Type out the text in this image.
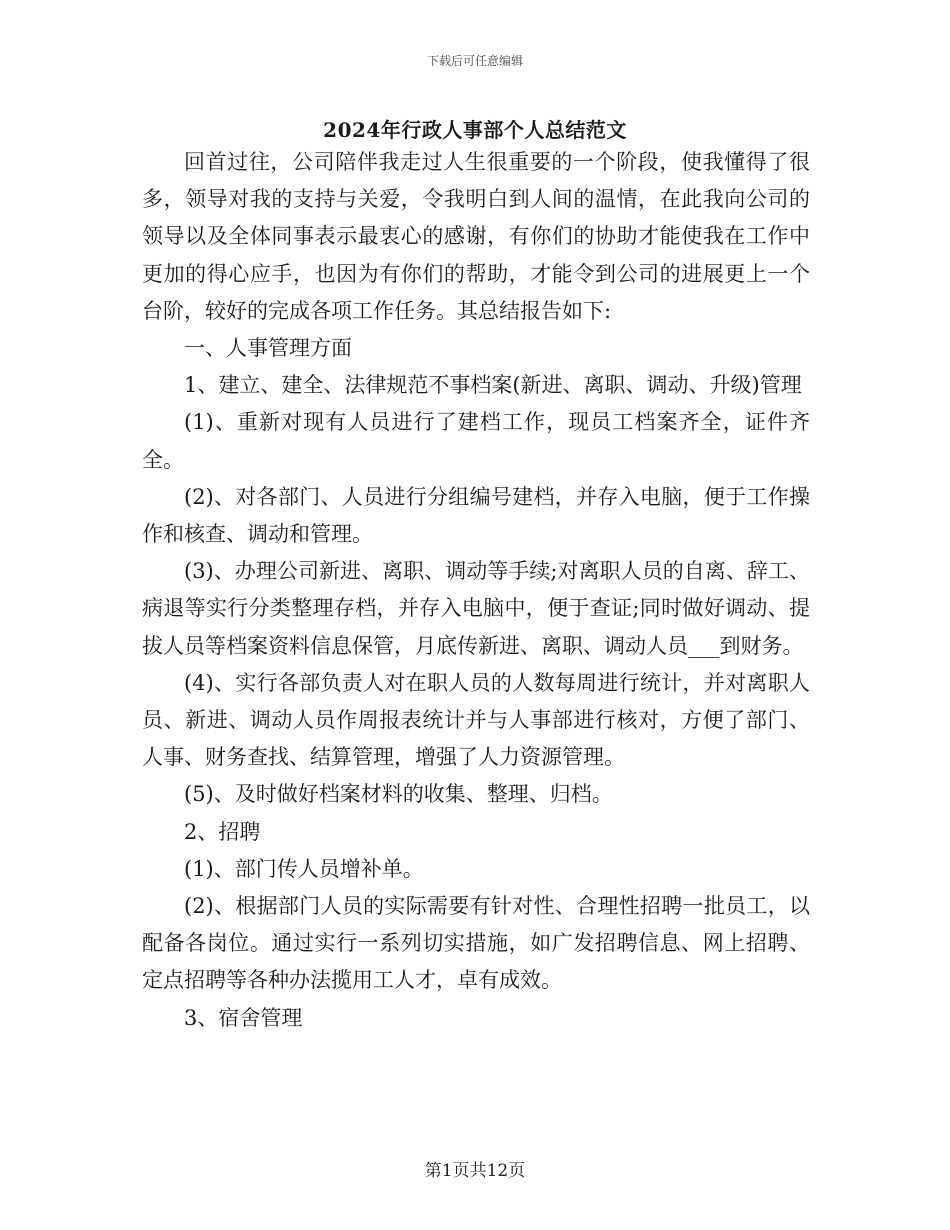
下载后可任意编辑
2024年行政人事部个人总结范文

回首过往，公司陪伴我走过人生很重要的一个阶段，使我懂得了很多，领导对我的支持与关爱，令我明白到人间的温情，在此我向公司的领导以及全体同事表示最衷心的感谢，有你们的协助才能使我在工作中更加的得心应手，也因为有你们的帮助，才能令到公司的进展更上一个台阶，较好的完成各项工作任务。其总结报告如下:

一、人事管理方面

1、建立、建全、法律规范不事档案(新进、离职、调动、升级)管理

(1)、重新对现有人员进行了建档工作，现员工档案齐全，证件齐全。

(2)、对各部门、人员进行分组编号建档，并存入电脑，便于工作操作和核查、调动和管理。

(3)、办理公司新进、离职、调动等手续;对离职人员的自离、辞工、病退等实行分类整理存档，并存入电脑中，便于查证;同时做好调动、提拔人员等档案资料信息保管，月底传新进、离职、调动人员___到财务。

(4)、实行各部负责人对在职人员的人数每周进行统计，并对离职人员、新进、调动人员作周报表统计并与人事部进行核对，方便了部门、人事、财务查找、结算管理，增强了人力资源管理。

(5)、及时做好档案材料的收集、整理、归档。

2、招聘

(1)、部门传人员增补单。

(2)、根据部门人员的实际需要有针对性、合理性招聘一批员工，以配备各岗位。通过实行一系列切实措施，如广发招聘信息、网上招聘、定点招聘等各种办法揽用工人才，卓有成效。

3、宿舍管理

第1页共12页
